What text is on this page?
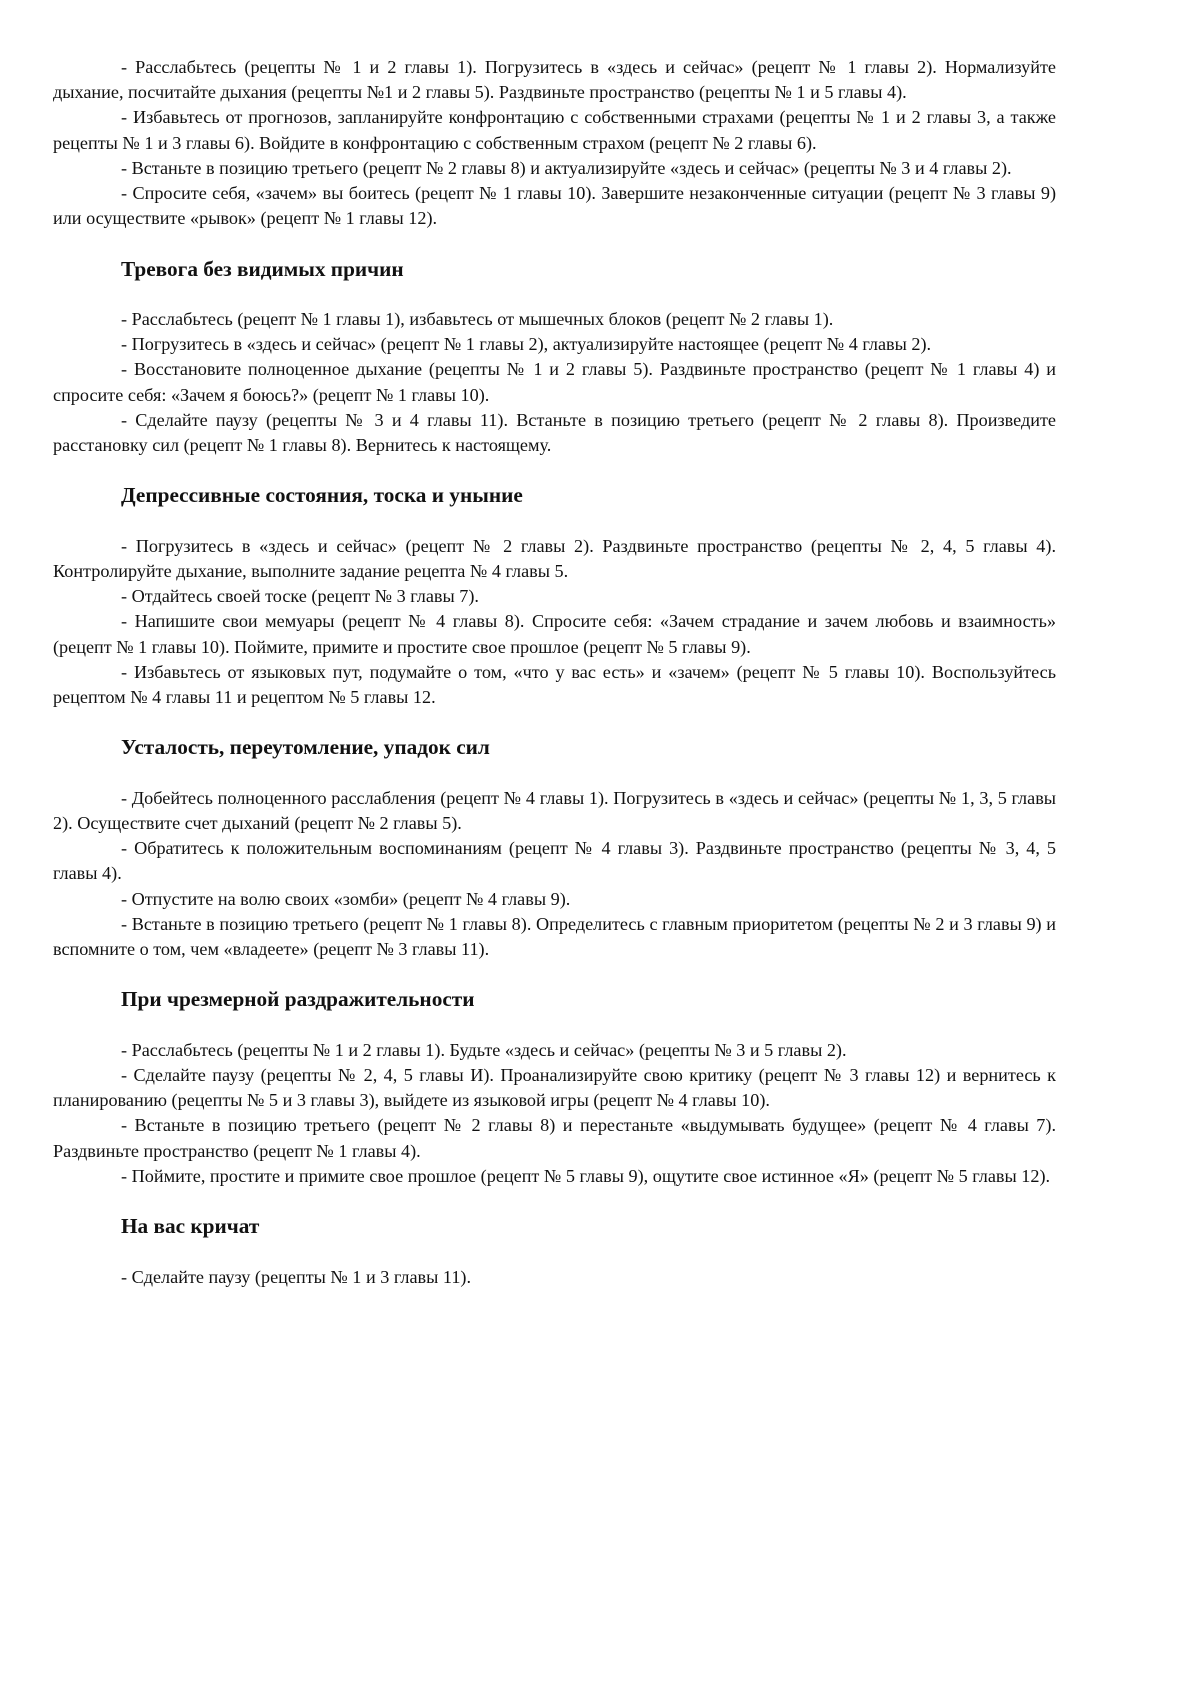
- Расслабьтесь (рецепты № 1 и 2 главы 1). Погрузитесь в «здесь и сейчас» (рецепт № 1 главы 2). Нормализуйте дыхание, посчитайте дыхания (рецепты №1 и 2 главы 5). Раздвиньте пространство (рецепты № 1 и 5 главы 4).

- Избавьтесь от прогнозов, запланируйте конфронтацию с собственными страхами (рецепты № 1 и 2 главы 3, а также рецепты № 1 и 3 главы 6). Войдите в конфронтацию с собственным страхом (рецепт № 2 главы 6).

- Встаньте в позицию третьего (рецепт № 2 главы 8) и актуализируйте «здесь и сейчас» (рецепты № 3 и 4 главы 2).

- Спросите себя, «зачем» вы боитесь (рецепт № 1 главы 10). Завершите незаконченные ситуации (рецепт № 3 главы 9) или осуществите «рывок» (рецепт № 1 главы 12).

Тревога без видимых причин

- Расслабьтесь (рецепт № 1 главы 1), избавьтесь от мышечных блоков (рецепт № 2 главы 1).

- Погрузитесь в «здесь и сейчас» (рецепт № 1 главы 2), актуализируйте настоящее (рецепт № 4 главы 2).

- Восстановите полноценное дыхание (рецепты № 1 и 2 главы 5). Раздвиньте пространство (рецепт № 1 главы 4) и спросите себя: «Зачем я боюсь?» (рецепт № 1 главы 10).

- Сделайте паузу (рецепты № 3 и 4 главы 11). Встаньте в позицию третьего (рецепт № 2 главы 8). Произведите расстановку сил (рецепт № 1 главы 8). Вернитесь к настоящему.

Депрессивные состояния, тоска и уныние

- Погрузитесь в «здесь и сейчас» (рецепт № 2 главы 2). Раздвиньте пространство (рецепты № 2, 4, 5 главы 4). Контролируйте дыхание, выполните задание рецепта № 4 главы 5.

- Отдайтесь своей тоске (рецепт № 3 главы 7).

- Напишите свои мемуары (рецепт № 4 главы 8). Спросите себя: «Зачем страдание и зачем любовь и взаимность» (рецепт № 1 главы 10). Поймите, примите и простите свое прошлое (рецепт № 5 главы 9).

- Избавьтесь от языковых пут, подумайте о том, «что у вас есть» и «зачем» (рецепт № 5 главы 10). Воспользуйтесь рецептом № 4 главы 11 и рецептом № 5 главы 12.

Усталость, переутомление, упадок сил

- Добейтесь полноценного расслабления (рецепт № 4 главы 1). Погрузитесь в «здесь и сейчас» (рецепты № 1, 3, 5 главы 2). Осуществите счет дыханий (рецепт № 2 главы 5).

- Обратитесь к положительным воспоминаниям (рецепт № 4 главы 3). Раздвиньте пространство (рецепты № 3, 4, 5 главы 4).

- Отпустите на волю своих «зомби» (рецепт № 4 главы 9).

- Встаньте в позицию третьего (рецепт № 1 главы 8). Определитесь с главным приоритетом (рецепты № 2 и 3 главы 9) и вспомните о том, чем «владеете» (рецепт № 3 главы 11).

При чрезмерной раздражительности

- Расслабьтесь (рецепты № 1 и 2 главы 1). Будьте «здесь и сейчас» (рецепты № 3 и 5 главы 2).

- Сделайте паузу (рецепты № 2, 4, 5 главы И). Проанализируйте свою критику (рецепт № 3 главы 12) и вернитесь к планированию (рецепты № 5 и 3 главы 3), выйдете из языковой игры (рецепт № 4 главы 10).

- Встаньте в позицию третьего (рецепт № 2 главы 8) и перестаньте «выдумывать будущее» (рецепт № 4 главы 7). Раздвиньте пространство (рецепт № 1 главы 4).

- Поймите, простите и примите свое прошлое (рецепт № 5 главы 9), ощутите свое истинное «Я» (рецепт № 5 главы 12).

На вас кричат

- Сделайте паузу (рецепты № 1 и 3 главы 11).
